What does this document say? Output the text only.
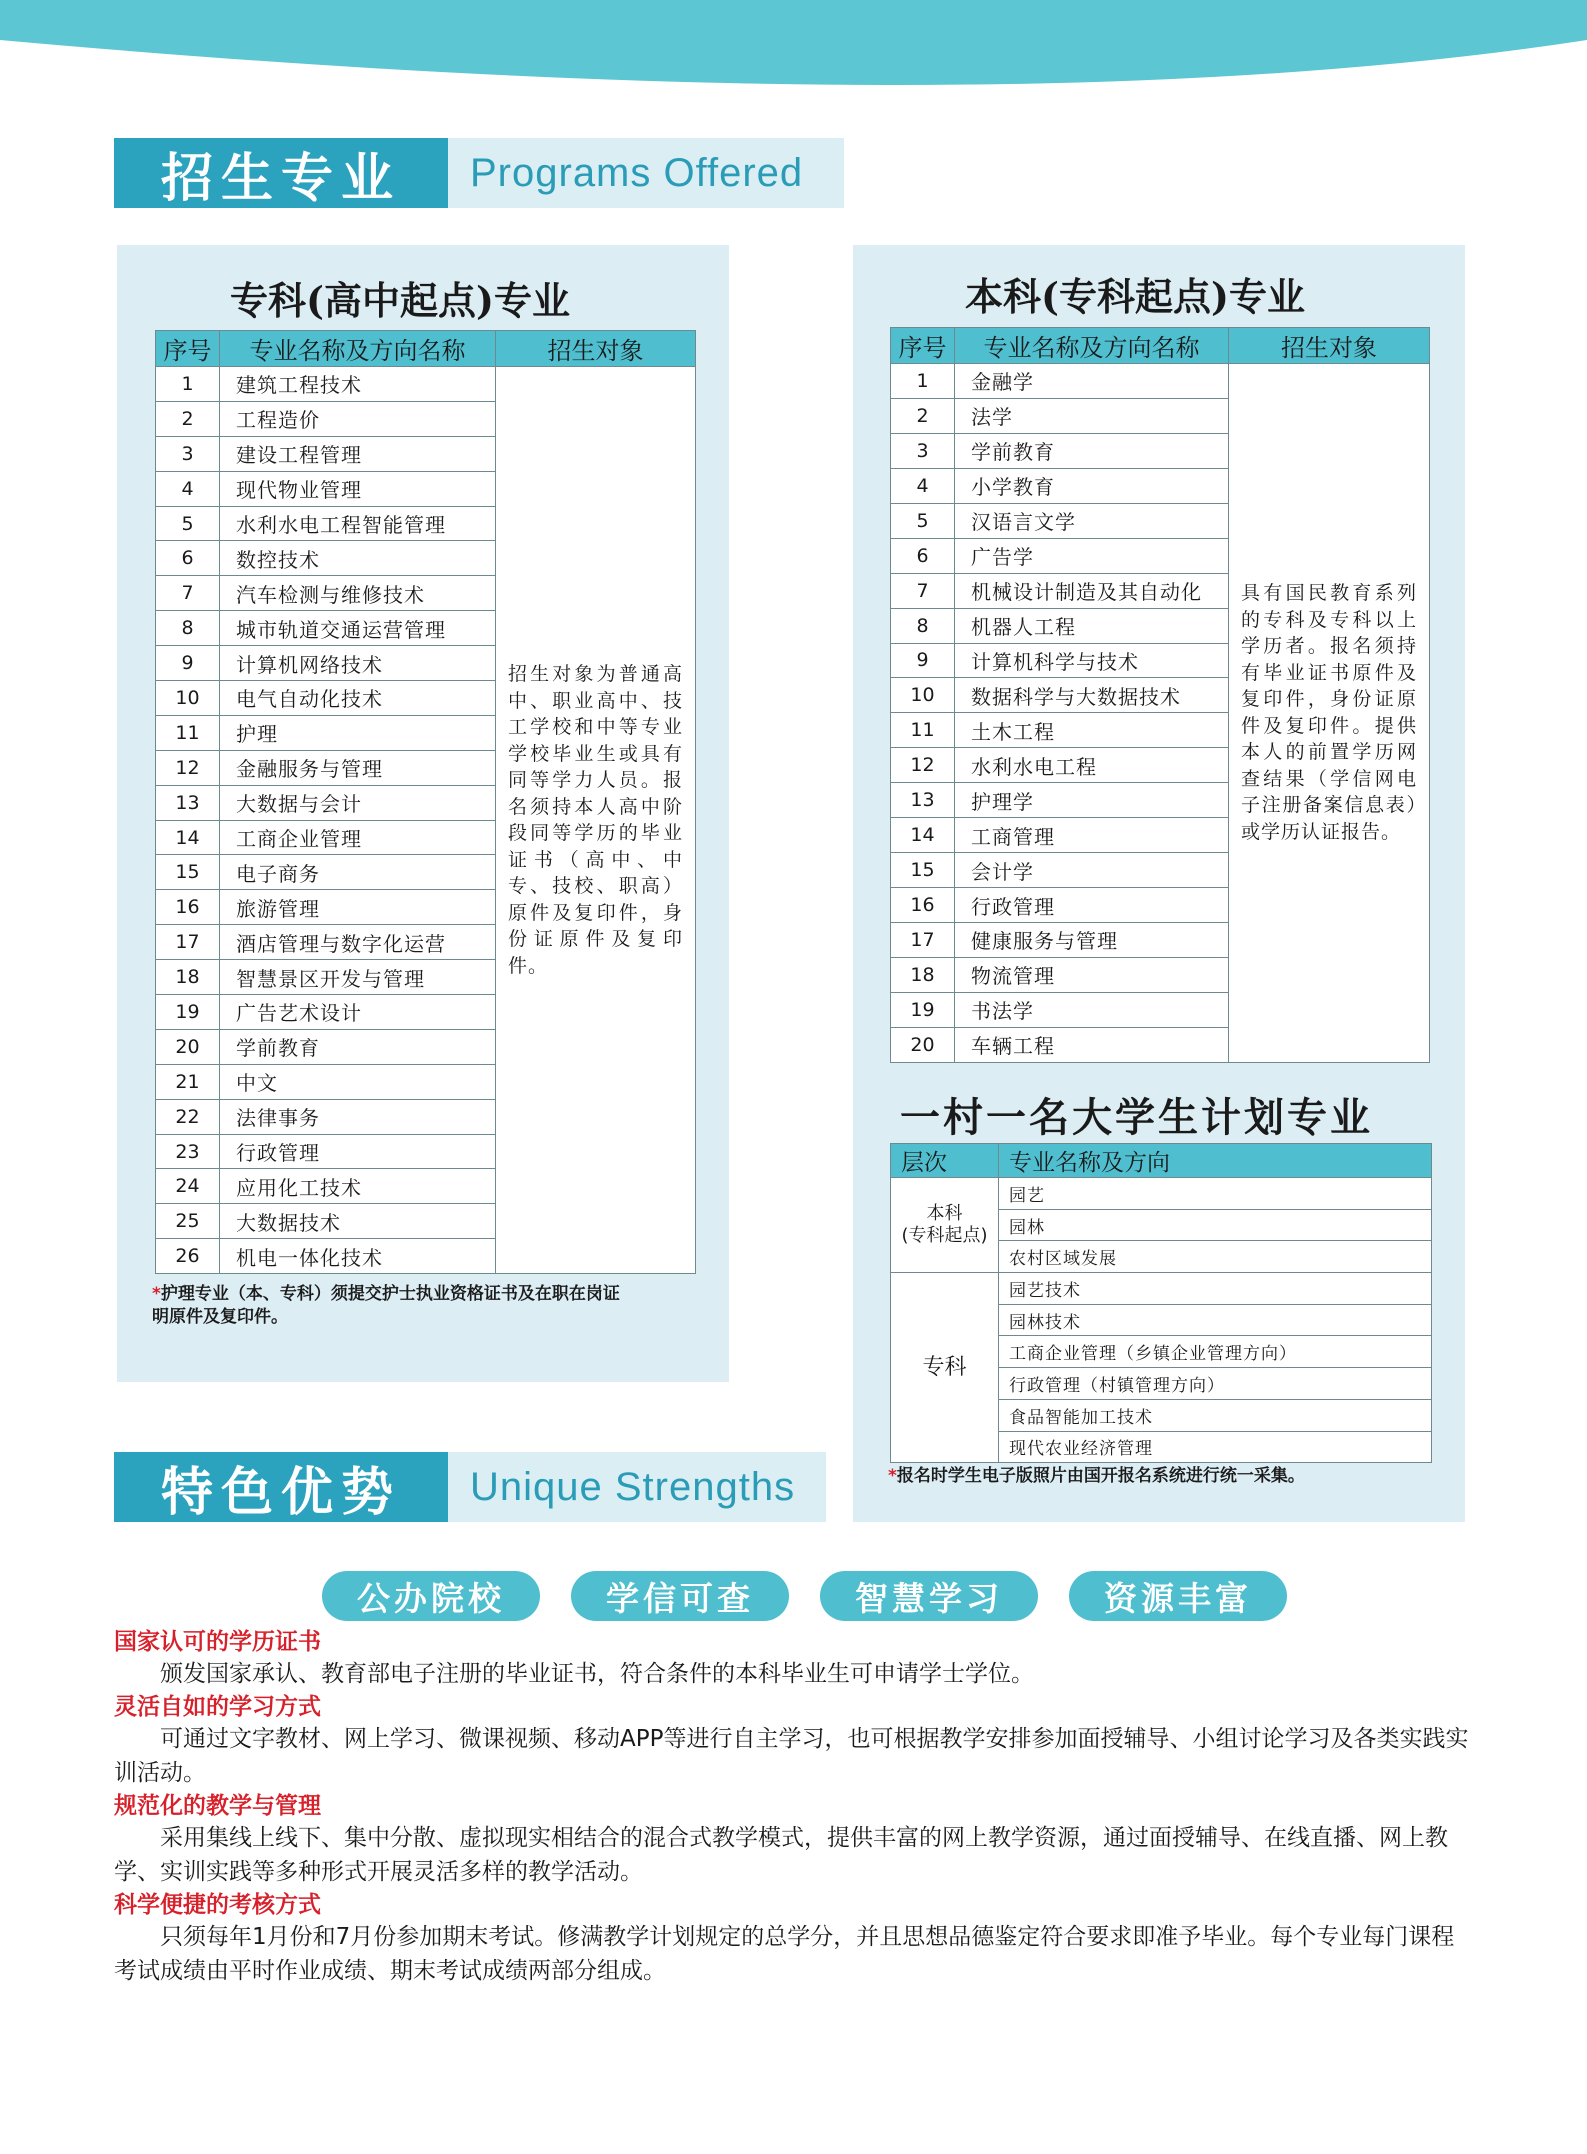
招生专业	Programs Offered
专科(高中起点)专业
序号	专业名称及方向名称	招生对象
1	建筑工程技术	招生对象为普通高中、职业高中、技工学校和中等专业学校毕业生或具有同等学力人员。报名须持本人高中阶段同等学历的毕业证书（高中、中专、技校、职高）原件及复印件，身份证原件及复印件。
2	工程造价	
3	建设工程管理	
4	现代物业管理	
5	水利水电工程智能管理	
6	数控技术	
7	汽车检测与维修技术	
8	城市轨道交通运营管理	
9	计算机网络技术	
10	电气自动化技术	
11	护理	
12	金融服务与管理	
13	大数据与会计	
14	工商企业管理	
15	电子商务	
16	旅游管理	
17	酒店管理与数字化运营	
18	智慧景区开发与管理	
19	广告艺术设计	
20	学前教育	
21	中文	
22	法律事务	
23	行政管理	
24	应用化工技术	
25	大数据技术	
26	机电一体化技术	
*护理专业（本、专科）须提交护士执业资格证书及在职在岗证明原件及复印件。
本科(专科起点)专业
序号	专业名称及方向名称	招生对象
1	金融学	具有国民教育系列的专科及专科以上学历者。报名须持有毕业证书原件及复印件，身份证原件及复印件。提供本人的前置学历网查结果（学信网电子注册备案信息表）或学历认证报告。
2	法学	
3	学前教育	
4	小学教育	
5	汉语言文学	
6	广告学	
7	机械设计制造及其自动化	
8	机器人工程	
9	计算机科学与技术	
10	数据科学与大数据技术	
11	土木工程	
12	水利水电工程	
13	护理学	
14	工商管理	
15	会计学	
16	行政管理	
17	健康服务与管理	
18	物流管理	
19	书法学	
20	车辆工程	
一村一名大学生计划专业
层次	专业名称及方向
本科
(专科起点)	园艺
	园林
	农村区域发展
专科	园艺技术
	园林技术
	工商企业管理（乡镇企业管理方向）
	行政管理（村镇管理方向）
	食品智能加工技术
	现代农业经济管理
*报名时学生电子版照片由国开报名系统进行统一采集。
特色优势	Unique Strengths
公办院校	学信可查	智慧学习	资源丰富
国家认可的学历证书

颁发国家承认、教育部电子注册的毕业证书，符合条件的本科毕业生可申请学士学位。

灵活自如的学习方式

可通过文字教材、网上学习、微课视频、移动APP等进行自主学习，也可根据教学安排参加面授辅导、小组讨论学习及各类实践实训活动。

规范化的教学与管理

采用集线上线下、集中分散、虚拟现实相结合的混合式教学模式，提供丰富的网上教学资源，通过面授辅导、在线直播、网上教学、实训实践等多种形式开展灵活多样的教学活动。

科学便捷的考核方式

只须每年1月份和7月份参加期末考试。修满教学计划规定的总学分，并且思想品德鉴定符合要求即准予毕业。每个专业每门课程考试成绩由平时作业成绩、期末考试成绩两部分组成。
